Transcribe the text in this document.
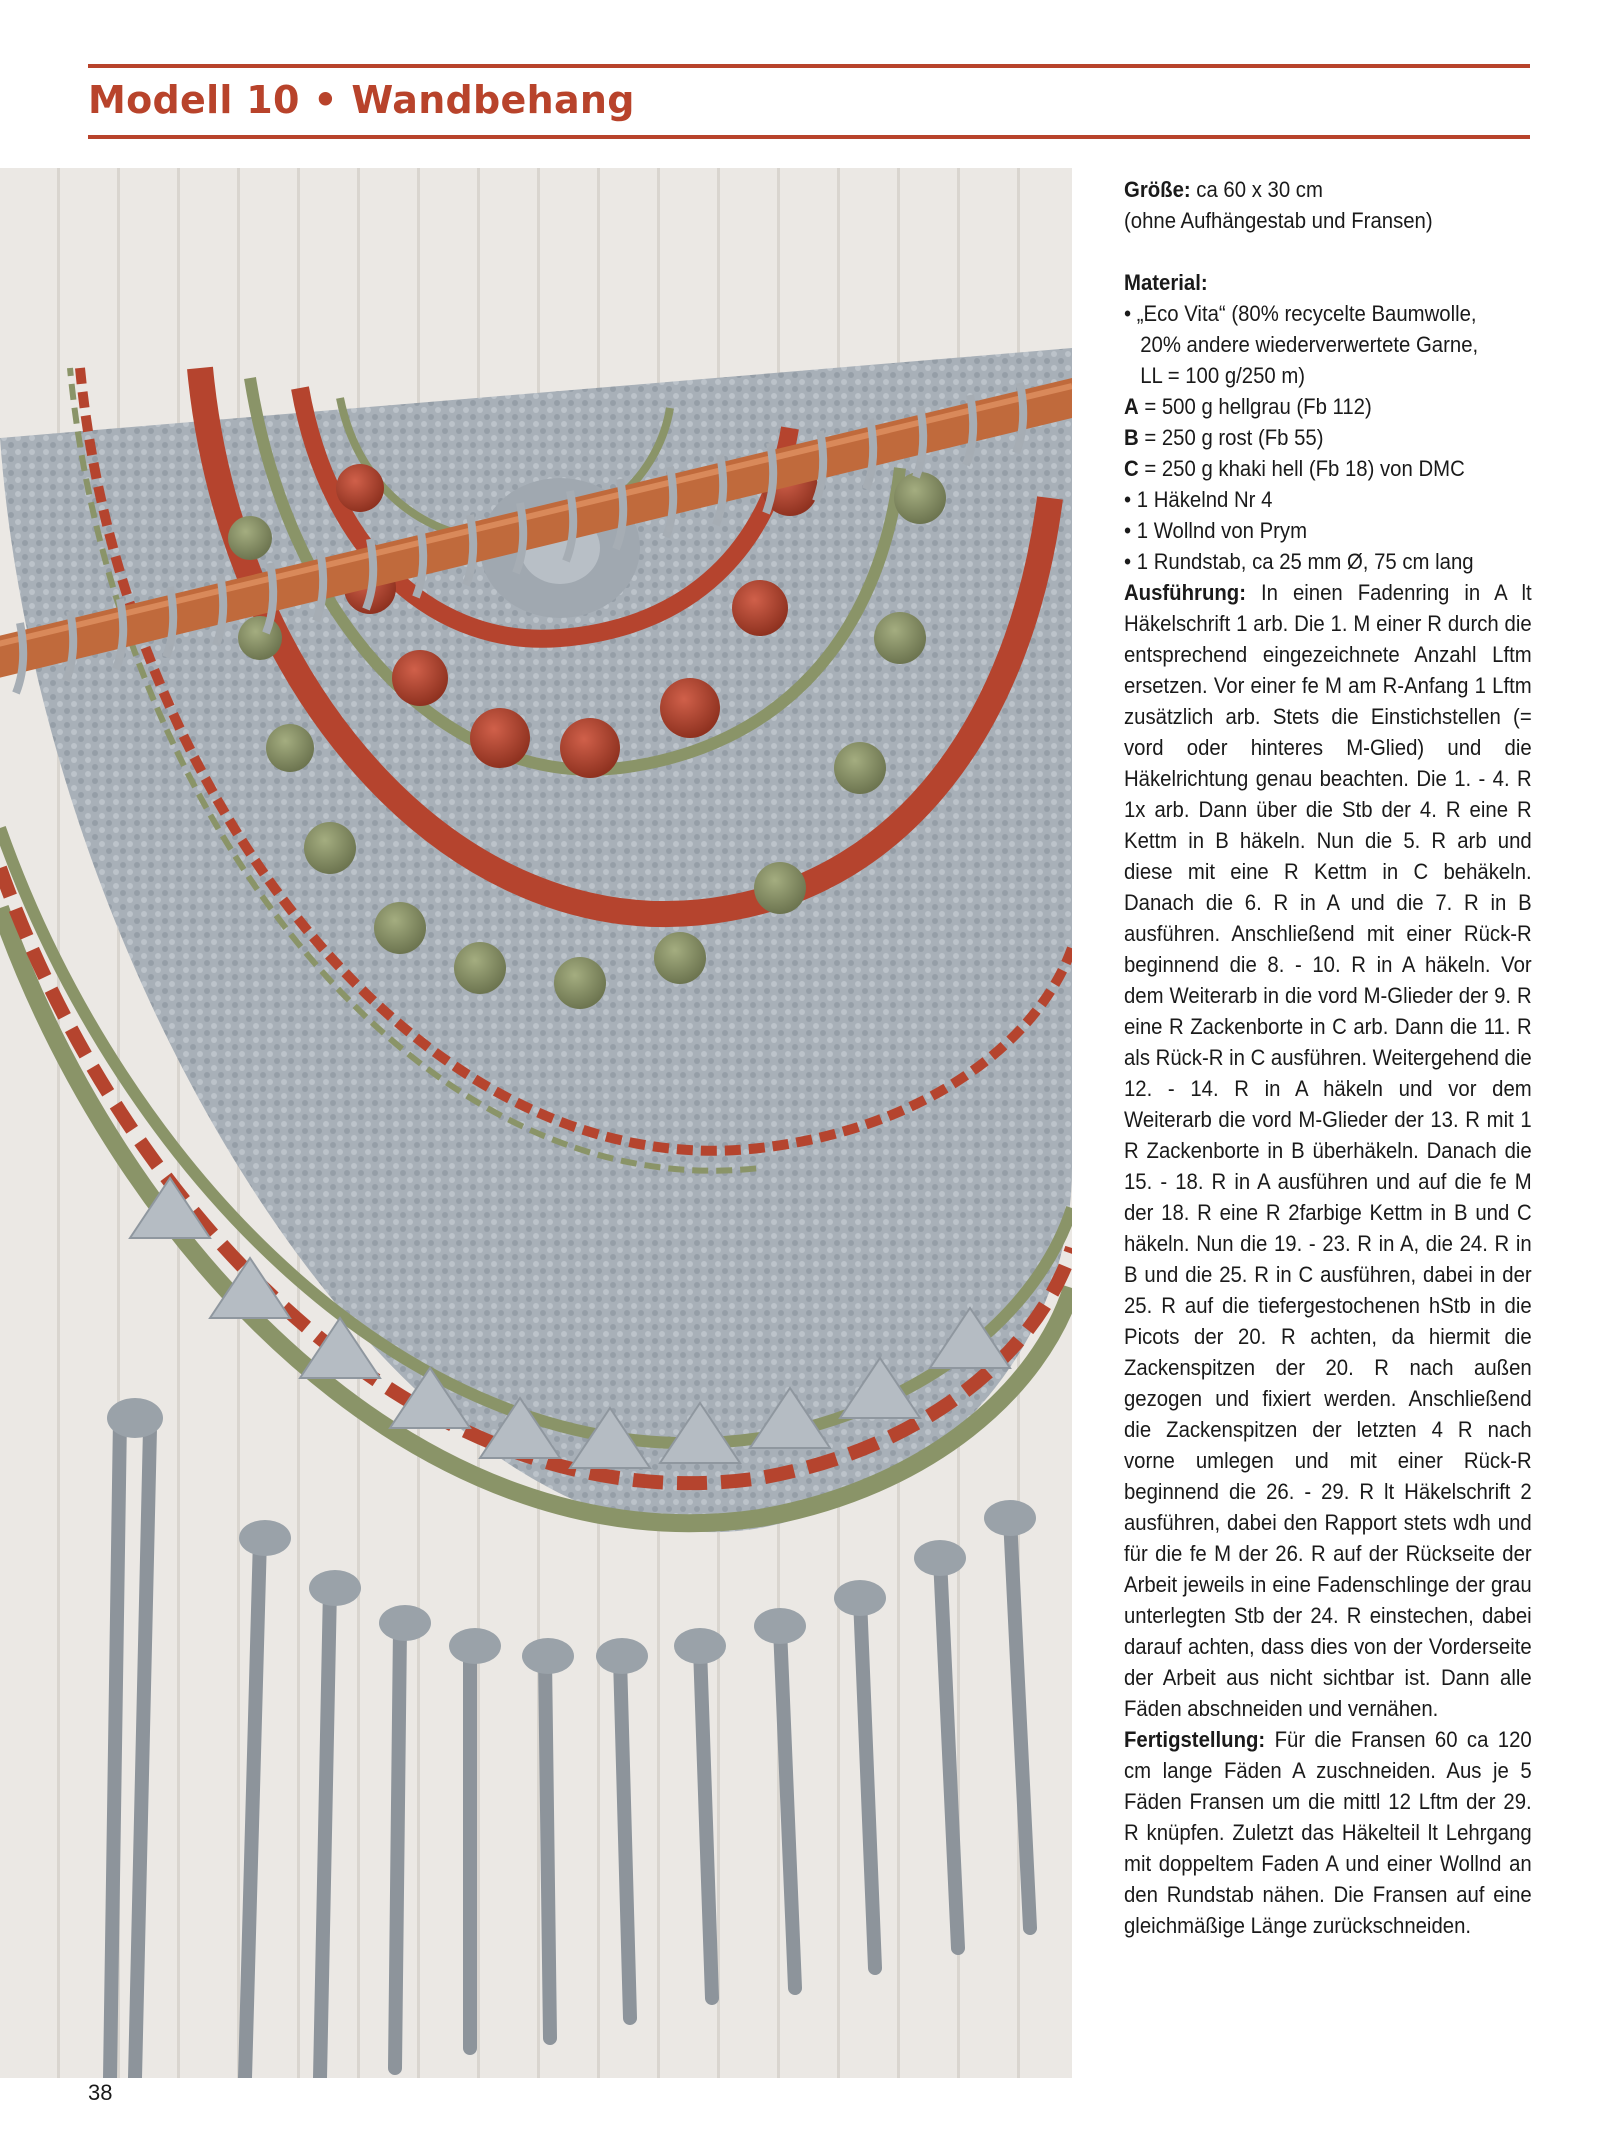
Modell 10 • Wandbehang

Größe: ca 60 x 30 cm

(ohne Aufhängestab und Fransen)

Material:

• „Eco Vita“ (80% recycelte Baumwolle,

20% andere wiederverwertete Garne,

LL = 100 g/250 m)

A = 500 g hellgrau (Fb 112)

B = 250 g rost (Fb 55)

C = 250 g khaki hell (Fb 18) von DMC

• 1 Häkelnd Nr 4

• 1 Wollnd von Prym

• 1 Rundstab, ca 25 mm Ø, 75 cm lang

Ausführung: In einen Fadenring in A lt Häkelschrift 1 arb. Die 1. M einer R durch die entsprechend eingezeichnete Anzahl Lftm ersetzen. Vor einer fe M am R-Anfang 1 Lftm zusätzlich arb. Stets die Einstichstellen (= vord oder hinteres M-Glied) und die Häkelrichtung genau beachten. Die 1. - 4. R 1x arb. Dann über die Stb der 4. R eine R Kettm in B häkeln. Nun die 5. R arb und diese mit eine R Kettm in C behäkeln. Danach die 6. R in A und die 7. R in B ausführen. Anschließend mit einer Rück-R beginnend die 8. - 10. R in A häkeln. Vor dem Weiterarb in die vord M-Glieder der 9. R eine R Zackenborte in C arb. Dann die 11. R als Rück-R in C ausführen. Weitergehend die 12. - 14. R in A häkeln und vor dem Weiterarb die vord M-Glieder der 13. R mit 1 R Zackenborte in B überhäkeln. Danach die 15. - 18. R in A ausführen und auf die fe M der 18. R eine R 2farbige Kettm in B und C häkeln. Nun die 19. - 23. R in A, die 24. R in B und die 25. R in C ausführen, dabei in der 25. R auf die tiefergestochenen hStb in die Picots der 20. R achten, da hiermit die Zackenspitzen der 20. R nach außen gezogen und fixiert werden. Anschließend die Zackenspitzen der letzten 4 R nach vorne umlegen und mit einer Rück-R beginnend die 26. - 29. R lt Häkelschrift 2 ausführen, dabei den Rapport stets wdh und für die fe M der 26. R auf der Rückseite der Arbeit jeweils in eine Fadenschlinge der grau unterlegten Stb der 24. R einstechen, dabei darauf achten, dass dies von der Vorderseite der Arbeit aus nicht sichtbar ist. Dann alle Fäden abschneiden und vernähen.

Fertigstellung: Für die Fransen 60 ca 120 cm lange Fäden A zuschneiden. Aus je 5 Fäden Fransen um die mittl 12 Lftm der 29. R knüpfen. Zuletzt das Häkelteil lt Lehrgang mit doppeltem Faden A und einer Wollnd an den Rundstab nähen. Die Fransen auf eine gleichmäßige Länge zurückschneiden.

38
